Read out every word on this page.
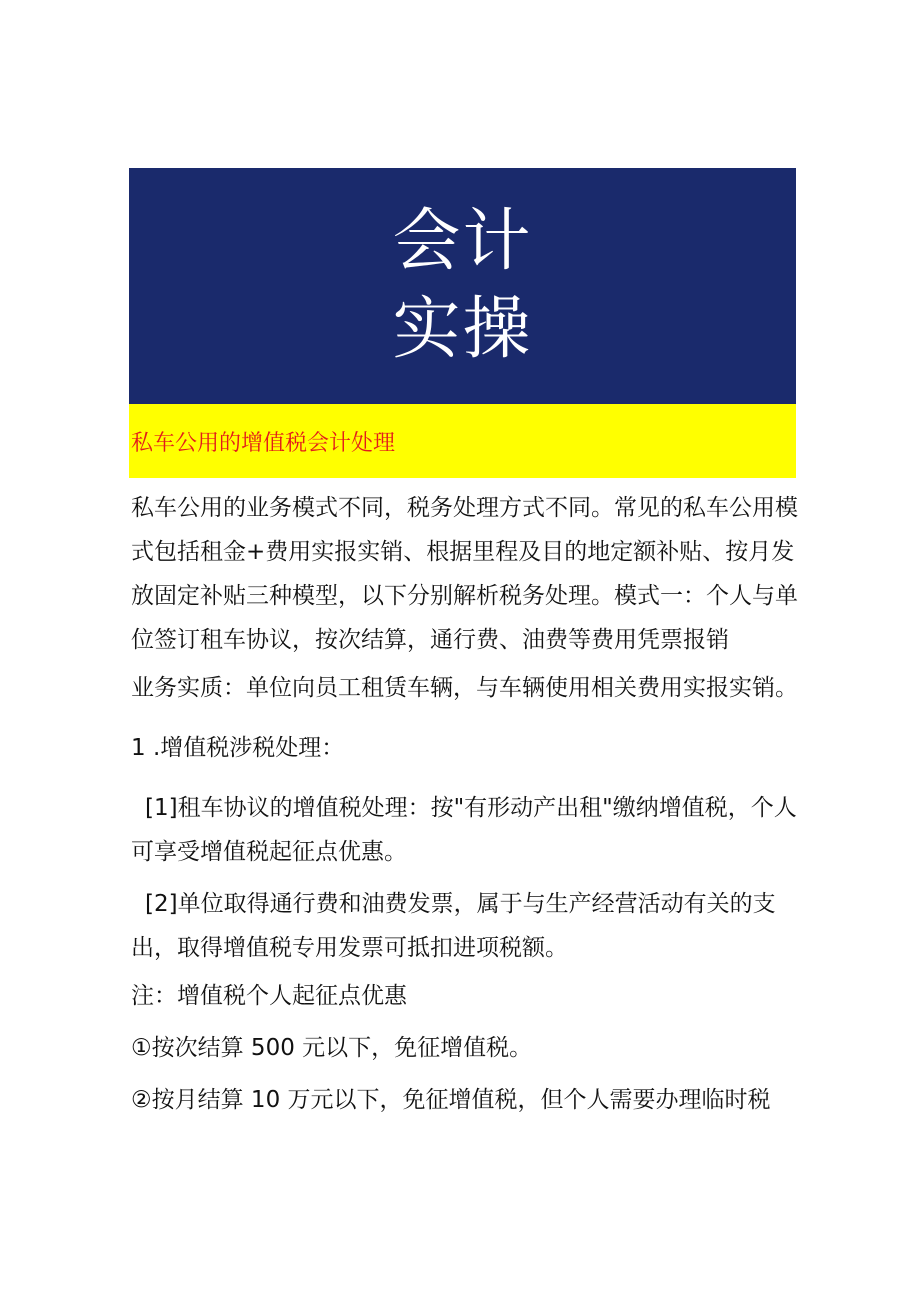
会计
实操
私车公用的增值税会计处理
私车公用的业务模式不同，税务处理方式不同。常见的私车公用模
式包括租金+费用实报实销、根据里程及目的地定额补贴、按月发
放固定补贴三种模型，以下分别解析税务处理。模式一：个人与单
位签订租车协议，按次结算，通行费、油费等费用凭票报销
业务实质：单位向员工租赁车辆，与车辆使用相关费用实报实销。
1 .增值税涉税处理：
[1]租车协议的增值税处理：按"有形动产出租"缴纳增值税，个人
可享受增值税起征点优惠。
[2]单位取得通行费和油费发票，属于与生产经营活动有关的支
出，取得增值税专用发票可抵扣进项税额。
注：增值税个人起征点优惠
①按次结算 500 元以下，免征增值税。
②按月结算 10 万元以下，免征增值税，但个人需要办理临时税
